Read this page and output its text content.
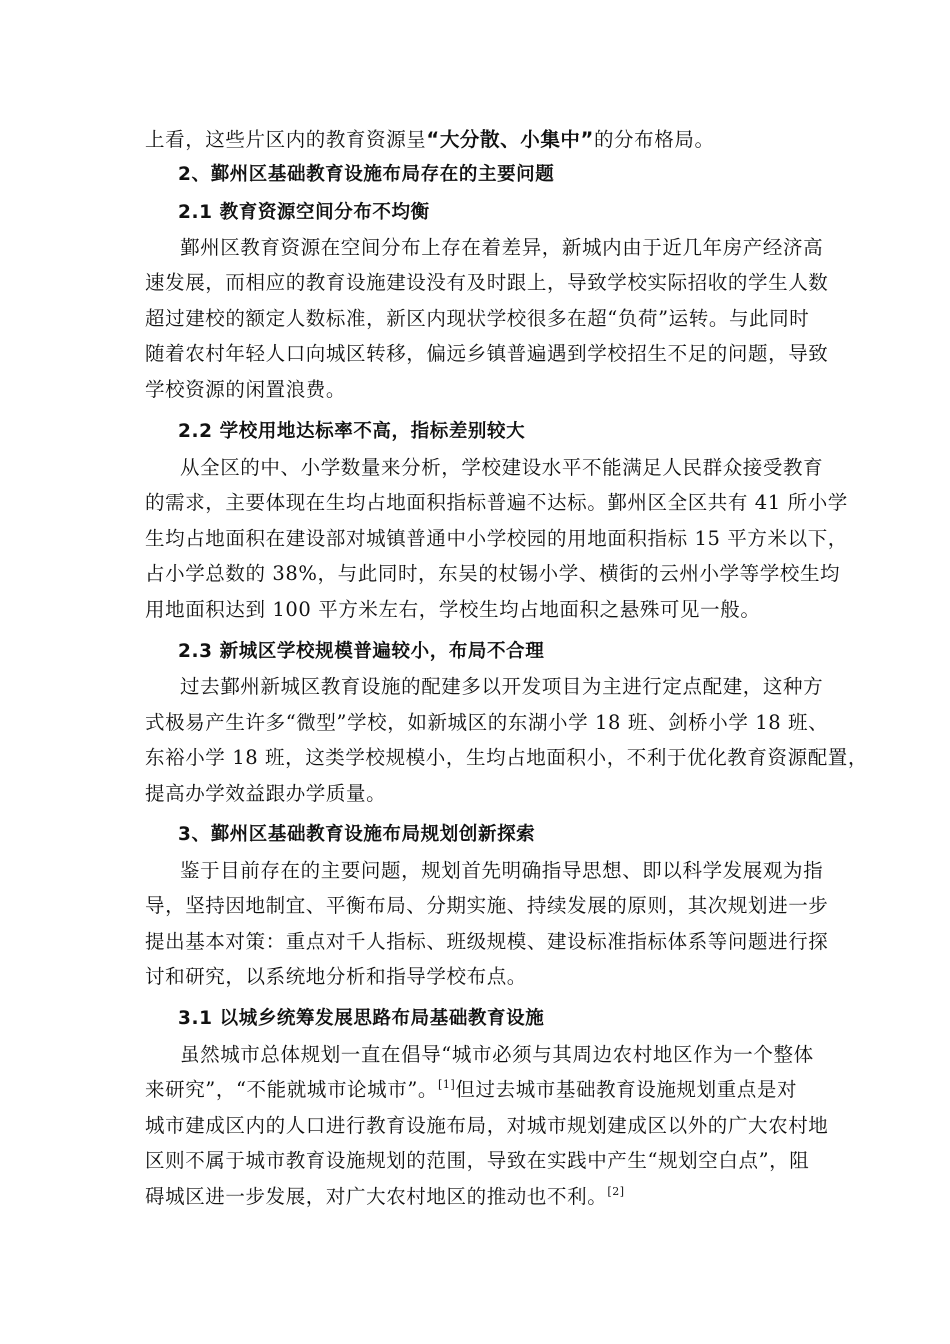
上看，这些片区内的教育资源呈“大分散、小集中”的分布格局。
2、鄞州区基础教育设施布局存在的主要问题
2.1 教育资源空间分布不均衡
鄞州区教育资源在空间分布上存在着差异，新城内由于近几年房产经济高
速发展，而相应的教育设施建设没有及时跟上，导致学校实际招收的学生人数
超过建校的额定人数标准，新区内现状学校很多在超“负荷”运转。与此同时
随着农村年轻人口向城区转移，偏远乡镇普遍遇到学校招生不足的问题，导致
学校资源的闲置浪费。
2.2 学校用地达标率不高，指标差别较大
从全区的中、小学数量来分析，学校建设水平不能满足人民群众接受教育
的需求，主要体现在生均占地面积指标普遍不达标。鄞州区全区共有 41 所小学
生均占地面积在建设部对城镇普通中小学校园的用地面积指标 15 平方米以下，
占小学总数的 38%，与此同时，东吴的杖锡小学、横街的云州小学等学校生均
用地面积达到 100 平方米左右，学校生均占地面积之悬殊可见一般。
2.3 新城区学校规模普遍较小，布局不合理
过去鄞州新城区教育设施的配建多以开发项目为主进行定点配建，这种方
式极易产生许多“微型”学校，如新城区的东湖小学 18 班、剑桥小学 18 班、
东裕小学 18 班，这类学校规模小，生均占地面积小，不利于优化教育资源配置，
提高办学效益跟办学质量。
3、鄞州区基础教育设施布局规划创新探索
鉴于目前存在的主要问题，规划首先明确指导思想、即以科学发展观为指
导，坚持因地制宜、平衡布局、分期实施、持续发展的原则，其次规划进一步
提出基本对策：重点对千人指标、班级规模、建设标准指标体系等问题进行探
讨和研究，以系统地分析和指导学校布点。
3.1 以城乡统筹发展思路布局基础教育设施
虽然城市总体规划一直在倡导“城市必须与其周边农村地区作为一个整体
来研究”，“不能就城市论城市”。[1]但过去城市基础教育设施规划重点是对
城市建成区内的人口进行教育设施布局，对城市规划建成区以外的广大农村地
区则不属于城市教育设施规划的范围，导致在实践中产生“规划空白点”，阻
碍城区进一步发展，对广大农村地区的推动也不利。[2]
